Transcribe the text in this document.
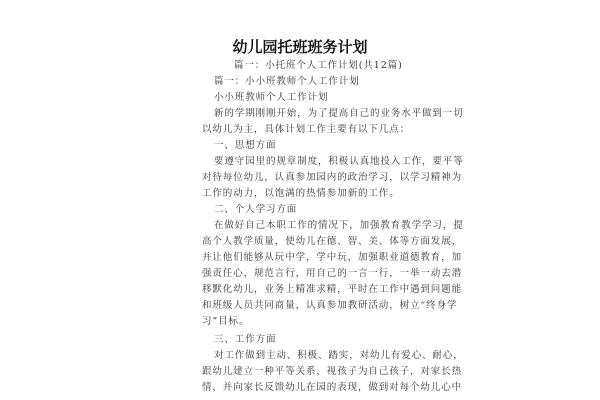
幼儿园托班班务计划
篇一：小托班个人工作计划(共12篇)
篇一：小小班教师个人工作计划
小小班教师个人工作计划
新的学期刚刚开始，为了提高自己的业务水平做到一切
以幼儿为主，具体计划工作主要有以下几点：
一、思想方面
要遵守园里的规章制度，积极认真地投入工作，要平等
对待每位幼儿，认真参加园内的政治学习，以学习精神为
工作的动力，以饱满的热情参加新的工作。
二、个人学习方面
在做好自己本职工作的情况下，加强教育教学学习，提
高个人教学质量，使幼儿在德、智、美、体等方面发展，
并让他们能够从玩中学，学中玩，加强职业道德教育，加
强责任心，规范言行，用自己的一言一行，一举一动去潜
移默化幼儿，业务上精准求精，平时在工作中遇到问题能
和班级人员共同商量，认真参加教研活动，树立“终身学
习”目标。
三、工作方面
对工作做到主动、积极、踏实，对幼儿有爱心、耐心，
跟幼儿建立一种平等关系，视孩子为自己孩子，对家长热
情，并向家长反馈幼儿在园的表现，做到对每个幼儿心中
